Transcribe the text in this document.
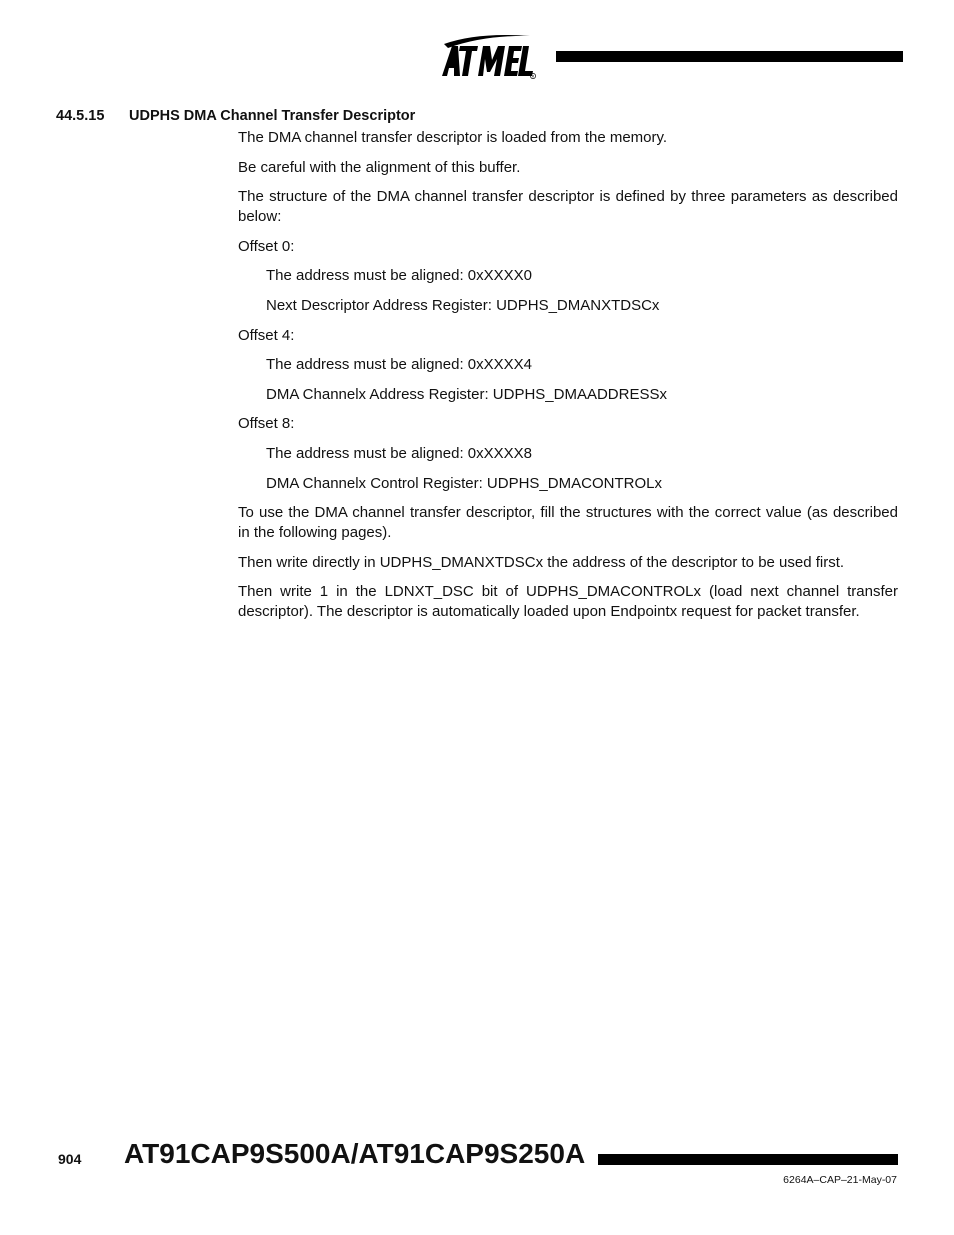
R
44.5.15 UDPHS DMA Channel Transfer Descriptor

The DMA channel transfer descriptor is loaded from the memory.

Be careful with the alignment of this buffer.

The structure of the DMA channel transfer descriptor is defined by three parameters as described below:

Offset 0:

The address must be aligned: 0xXXXX0

Next Descriptor Address Register: UDPHS_DMANXTDSCx

Offset 4:

The address must be aligned: 0xXXXX4

DMA Channelx Address Register: UDPHS_DMAADDRESSx

Offset 8:

The address must be aligned: 0xXXXX8

DMA Channelx Control Register: UDPHS_DMACONTROLx

To use the DMA channel transfer descriptor, fill the structures with the correct value (as described in the following pages).

Then write directly in UDPHS_DMANXTDSCx the address of the descriptor to be used first.

Then write 1 in the LDNXT_DSC bit of UDPHS_DMACONTROLx (load next channel transfer descriptor). The descriptor is automatically loaded upon Endpointx request for packet transfer.

904 AT91CAP9S500A/AT91CAP9S250A
6264A–CAP–21-May-07
